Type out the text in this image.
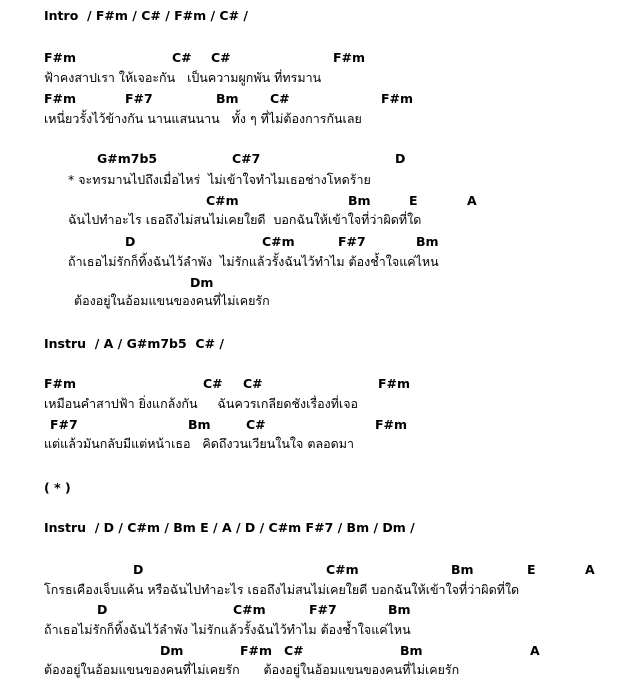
Intro  / F#m / C# / F#m / C# /
F#m	C# C#	F#m
ฟ้าคงสาปเรา ให้เจอะกัน   เป็นความผูกพัน ที่ทรมาน
F#m	F#7	Bm	C#	F#m
เหนี่ยวรั้งไว้ข้างกัน นานแสนนาน   ทั้ง ๆ ที่ไม่ต้องการกันเลย
G#m7b5	C#7	D
* จะทรมานไปถึงเมื่อไหร่  ไม่เข้าใจทำไมเธอช่างโหดร้าย
C#m	Bm	E	A
ฉันไปทำอะไร เธอถึงไม่สนไม่เคยใยดี  บอกฉันให้เข้าใจที่ว่าผิดที่ใด
D	C#m	F#7	Bm
ถ้าเธอไม่รักก็ทิ้งฉันไว้ลำพัง  ไม่รักแล้วรั้งฉันไว้ทำไม ต้องช้ำใจแค่ไหน
Dm
ต้องอยู่ในอ้อมแขนของคนที่ไม่เคยรัก
Instru  / A / G#m7b5  C# /
F#m	C# C#	F#m
เหมือนคำสาปฟ้า ยิ่งแกล้งกัน     ฉันควรเกลียดชังเรื่องที่เจอ
F#7	Bm	C#	F#m
แต่แล้วมันกลับมีแต่หน้าเธอ   คิดถึงวนเวียนในใจ ตลอดมา
( * )
Instru  / D / C#m / Bm E / A / D / C#m F#7 / Bm / Dm /
D	C#m	Bm	E	A
โกรธเคืองเจ็บแค้น หรือฉันไปทำอะไร เธอถึงไม่สนไม่เคยใยดี บอกฉันให้เข้าใจที่ว่าผิดที่ใด
D	C#m	F#7	Bm
ถ้าเธอไม่รักก็ทิ้งฉันไว้ลำพัง ไม่รักแล้วรั้งฉันไว้ทำไม ต้องช้ำใจแค่ไหน
Dm	F#m C#	Bm	A
ต้องอยู่ในอ้อมแขนของคนที่ไม่เคยรัก      ต้องอยู่ในอ้อมแขนของคนที่ไม่เคยรัก
